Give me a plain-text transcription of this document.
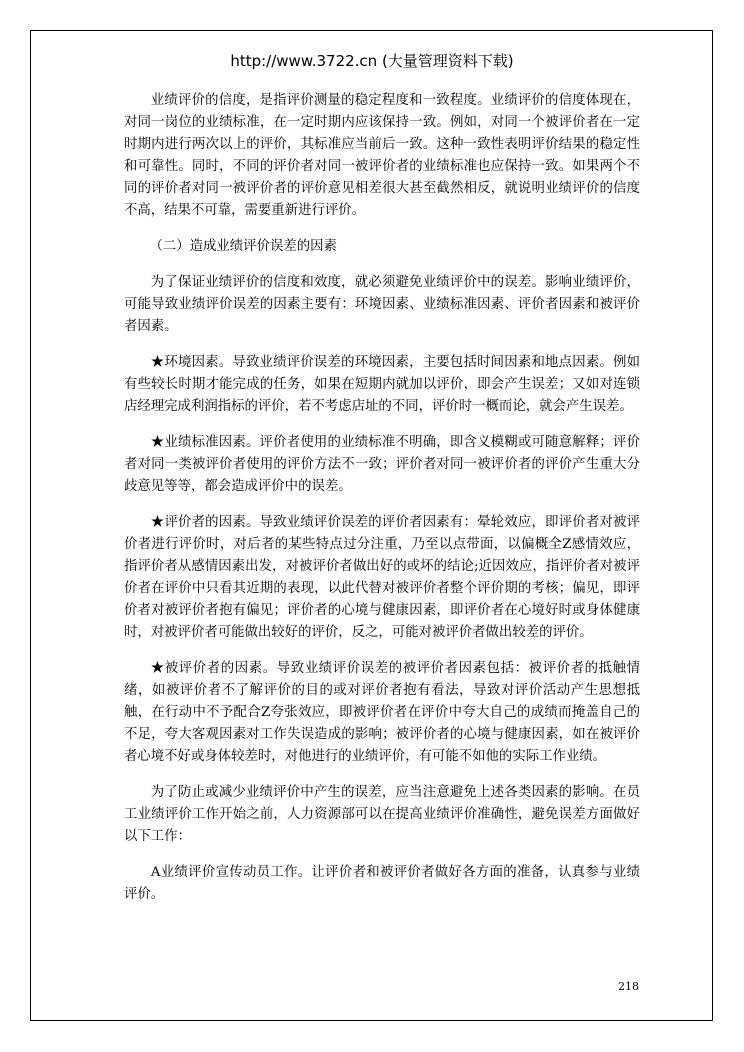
http://www.3722.cn (大量管理资料下载)

业绩评价的信度，是指评价测量的稳定程度和一致程度。业绩评价的信度体现在，对同一岗位的业绩标准，在一定时期内应该保持一致。例如，对同一个被评价者在一定时期内进行两次以上的评价，其标准应当前后一致。这种一致性表明评价结果的稳定性和可靠性。同时，不同的评价者对同一被评价者的业绩标准也应保持一致。如果两个不同的评价者对同一被评价者的评价意见相差很大甚至截然相反，就说明业绩评价的信度不高，结果不可靠，需要重新进行评价。

（二）造成业绩评价误差的因素

为了保证业绩评价的信度和效度，就必须避免业绩评价中的误差。影响业绩评价，可能导致业绩评价误差的因素主要有：环境因素、业绩标准因素、评价者因素和被评价者因素。

★环境因素。导致业绩评价误差的环境因素，主要包括时间因素和地点因素。例如有些较长时期才能完成的任务，如果在短期内就加以评价，即会产生误差；又如对连锁店经理完成利润指标的评价，若不考虑店址的不同，评价时一概而论，就会产生误差。

★业绩标准因素。评价者使用的业绩标准不明确，即含义模糊或可随意解释；评价者对同一类被评价者使用的评价方法不一致；评价者对同一被评价者的评价产生重大分歧意见等等，都会造成评价中的误差。

★评价者的因素。导致业绩评价误差的评价者因素有：晕轮效应，即评价者对被评价者进行评价时，对后者的某些特点过分注重，乃至以点带面，以偏概全Z感情效应，指评价者从感情因素出发，对被评价者做出好的或坏的结论;近因效应，指评价者对被评价者在评价中只看其近期的表现，以此代替对被评价者整个评价期的考核；偏见，即评价者对被评价者抱有偏见；评价者的心境与健康因素，即评价者在心境好时或身体健康时，对被评价者可能做出较好的评价，反之，可能对被评价者做出较差的评价。

★被评价者的因素。导致业绩评价误差的被评价者因素包括：被评价者的抵触情绪，如被评价者不了解评价的目的或对评价者抱有看法，导致对评价活动产生思想抵触，在行动中不予配合Z夸张效应，即被评价者在评价中夸大自己的成绩而掩盖自己的不足，夸大客观因素对工作失误造成的影响；被评价者的心境与健康因素，如在被评价者心境不好或身体较差时，对他进行的业绩评价，有可能不如他的实际工作业绩。

为了防止或减少业绩评价中产生的误差，应当注意避免上述各类因素的影响。在员工业绩评价工作开始之前，人力资源部可以在提高业绩评价准确性，避免误差方面做好以下工作：

A业绩评价宣传动员工作。让评价者和被评价者做好各方面的准备，认真参与业绩评价。

218
